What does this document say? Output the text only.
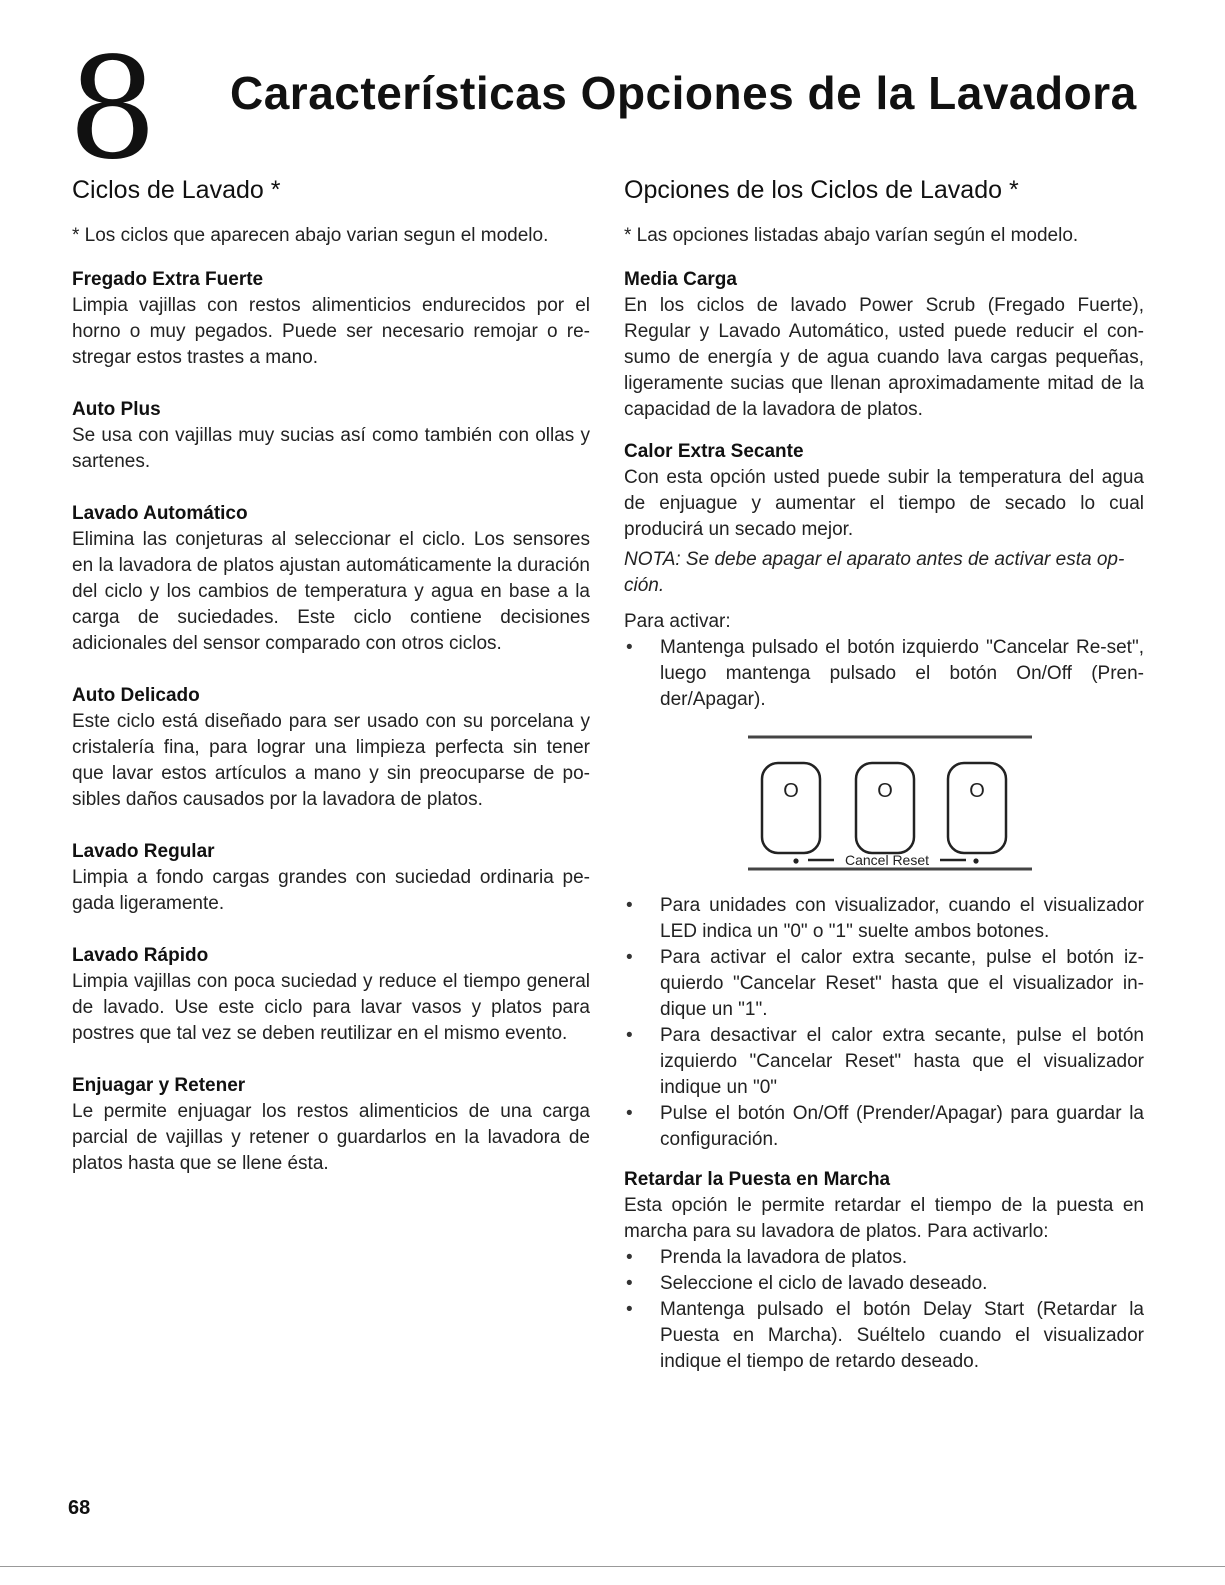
8 Características Opciones de la Lavadora
Ciclos de Lavado *

* Los ciclos que aparecen abajo varian segun el modelo.

Fregado Extra Fuerte
Limpia vajillas con restos alimenticios endurecidos por el horno o muy pegados. Puede ser necesario remojar o re-stregar estos trastes a mano.
Auto Plus
Se usa con vajillas muy sucias así como también con ollas y sartenes.
Lavado Automático
Elimina las conjeturas al seleccionar el ciclo. Los sensores en la lavadora de platos ajustan automáticamente la duración del ciclo y los cambios de temperatura y agua en base a la carga de suciedades. Este ciclo contiene decisiones adicionales del sensor comparado con otros ciclos.
Auto Delicado
Este ciclo está diseñado para ser usado con su porcelana y cristalería fina, para lograr una limpieza perfecta sin tener que lavar estos artículos a mano y sin preocuparse de po-sibles daños causados por la lavadora de platos.
Lavado Regular
Limpia a fondo cargas grandes con suciedad ordinaria pe-gada ligeramente.
Lavado Rápido
Limpia vajillas con poca suciedad y reduce el tiempo general de lavado. Use este ciclo para lavar vasos y platos para postres que tal vez se deben reutilizar en el mismo evento.
Enjuagar y Retener
Le permite enjuagar los restos alimenticios de una carga parcial de vajillas y retener o guardarlos en la lavadora de platos hasta que se llene ésta.
Opciones de los Ciclos de Lavado *

* Las opciones listadas abajo varían según el modelo.

Media Carga
En los ciclos de lavado Power Scrub (Fregado Fuerte), Regular y Lavado Automático, usted puede reducir el con-sumo de energía y de agua cuando lava cargas pequeñas, ligeramente sucias que llenan aproximadamente mitad de la capacidad de la lavadora de platos.
Calor Extra Secante
Con esta opción usted puede subir la temperatura del agua de enjuague y aumentar el tiempo de secado lo cual producirá un secado mejor.
NOTA: Se debe apagar el aparato antes de activar esta op-ción.
Para activar:
• Mantenga pulsado el botón izquierdo "Cancelar Re-set", luego mantenga pulsado el botón On/Off (Pren-der/Apagar).
O	O	O
Cancel Reset
• Para unidades con visualizador, cuando el visualizador LED indica un "0" o "1" suelte ambos botones.
• Para activar el calor extra secante, pulse el botón iz-quierdo "Cancelar Reset" hasta que el visualizador in-dique un "1".
• Para desactivar el calor extra secante, pulse el botón izquierdo "Cancelar Reset" hasta que el visualizador indique un "0"
• Pulse el botón On/Off (Prender/Apagar) para guardar la configuración.
Retardar la Puesta en Marcha
Esta opción le permite retardar el tiempo de la puesta en marcha para su lavadora de platos. Para activarlo:
• Prenda la lavadora de platos.
• Seleccione el ciclo de lavado deseado.
• Mantenga pulsado el botón Delay Start (Retardar la Puesta en Marcha). Suéltelo cuando el visualizador indique el tiempo de retardo deseado.
68
